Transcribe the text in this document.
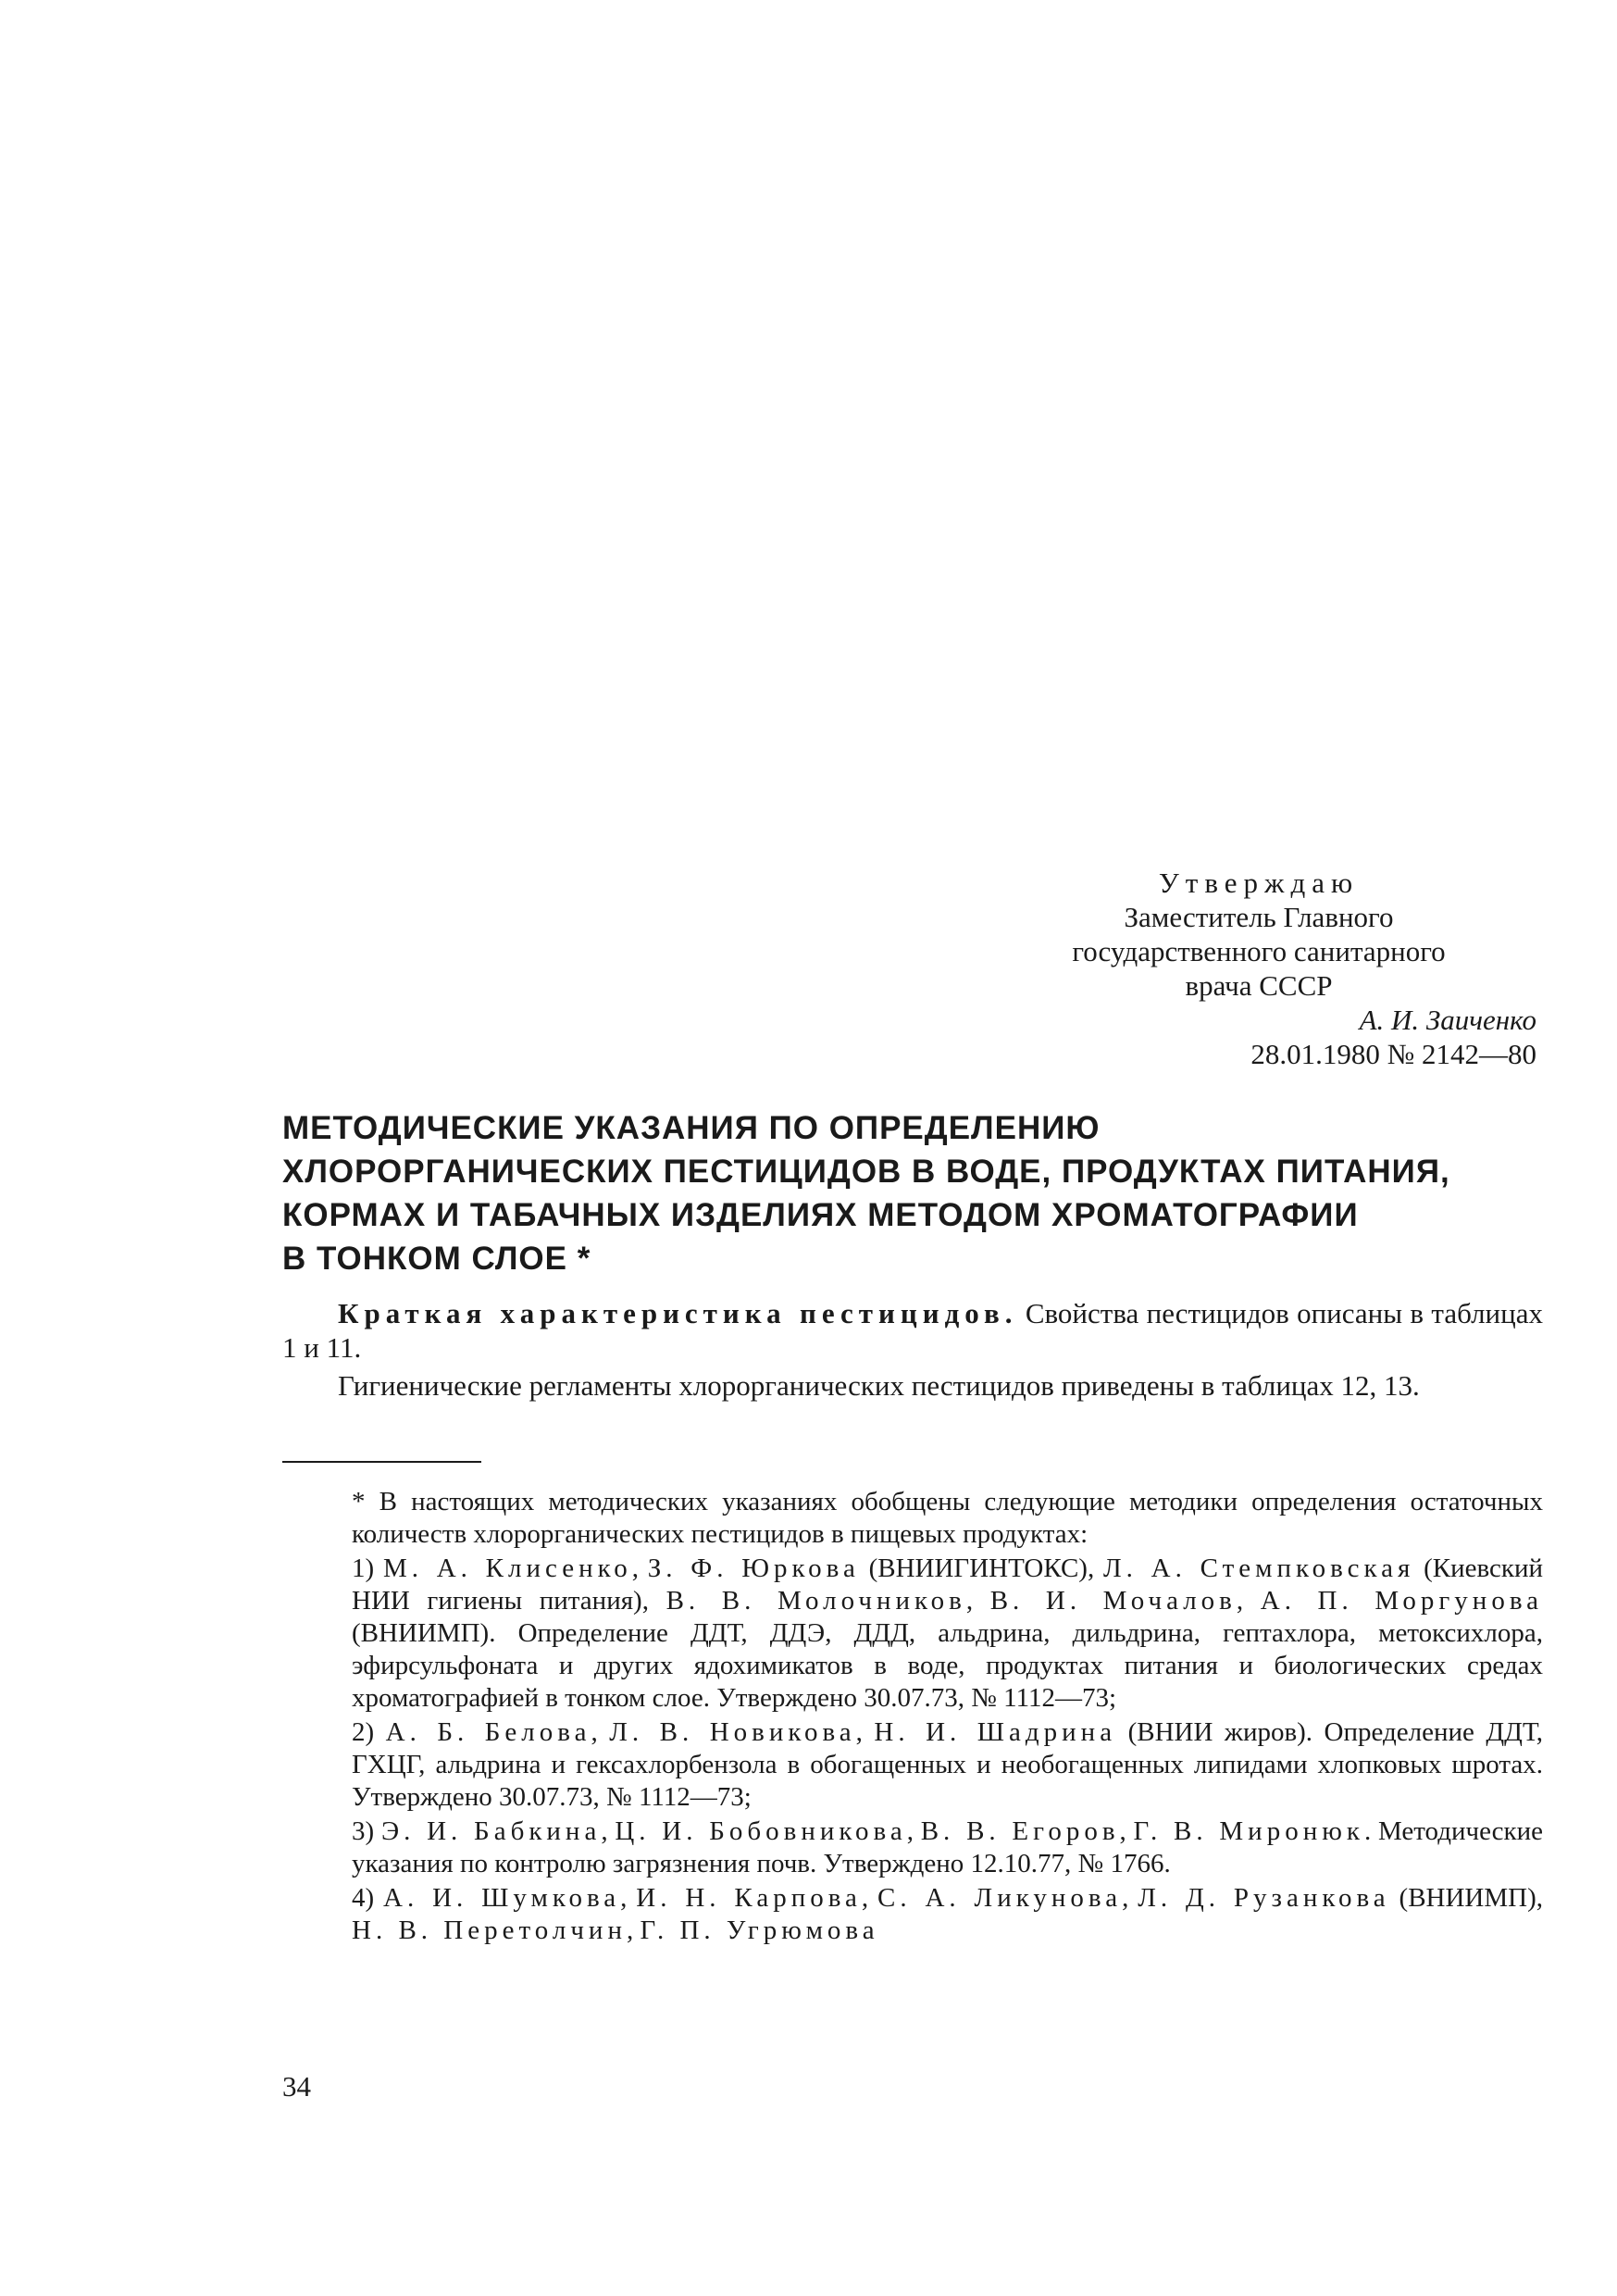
Утверждаю
Заместитель Главного
государственного санитарного
врача СССР
А. И. Заиченко
28.01.1980 № 2142—80
МЕТОДИЧЕСКИЕ УКАЗАНИЯ ПО ОПРЕДЕЛЕНИЮ
ХЛОРОРГАНИЧЕСКИХ ПЕСТИЦИДОВ В ВОДЕ, ПРОДУКТАХ ПИТАНИЯ,
КОРМАХ И ТАБАЧНЫХ ИЗДЕЛИЯХ МЕТОДОМ ХРОМАТОГРАФИИ
В ТОНКОМ СЛОЕ *

Краткая характеристика пестицидов. Свойства пестицидов описаны в таблицах 1 и 11.

Гигиенические регламенты хлорорганических пестицидов приведены в таблицах 12, 13.

* В настоящих методических указаниях обобщены следующие методики определения остаточных количеств хлорорганических пестицидов в пищевых продуктах:

1) М. А. Клисенко, З. Ф. Юркова (ВНИИГИНТОКС), Л. А. Стемпковская (Киевский НИИ гигиены питания), В. В. Молочников, В. И. Мочалов, А. П. Моргунова (ВНИИМП). Определение ДДТ, ДДЭ, ДДД, альдрина, дильдрина, гептахлора, метоксихлора, эфирсульфоната и других ядохимикатов в воде, продуктах питания и биологических средах хроматографией в тонком слое. Утверждено 30.07.73, № 1112—73;

2) А. Б. Белова, Л. В. Новикова, Н. И. Шадрина (ВНИИ жиров). Определение ДДТ, ГХЦГ, альдрина и гексахлорбензола в обогащенных и необогащенных липидами хлопковых шротах. Утверждено 30.07.73, № 1112—73;

3) Э. И. Бабкина, Ц. И. Бобовникова, В. В. Егоров, Г. В. Миронюк. Методические указания по контролю загрязнения почв. Утверждено 12.10.77, № 1766.

4) А. И. Шумкова, И. Н. Карпова, С. А. Ликунова, Л. Д. Рузанкова (ВНИИМП), Н. В. Перетолчин, Г. П. Угрюмова

34
